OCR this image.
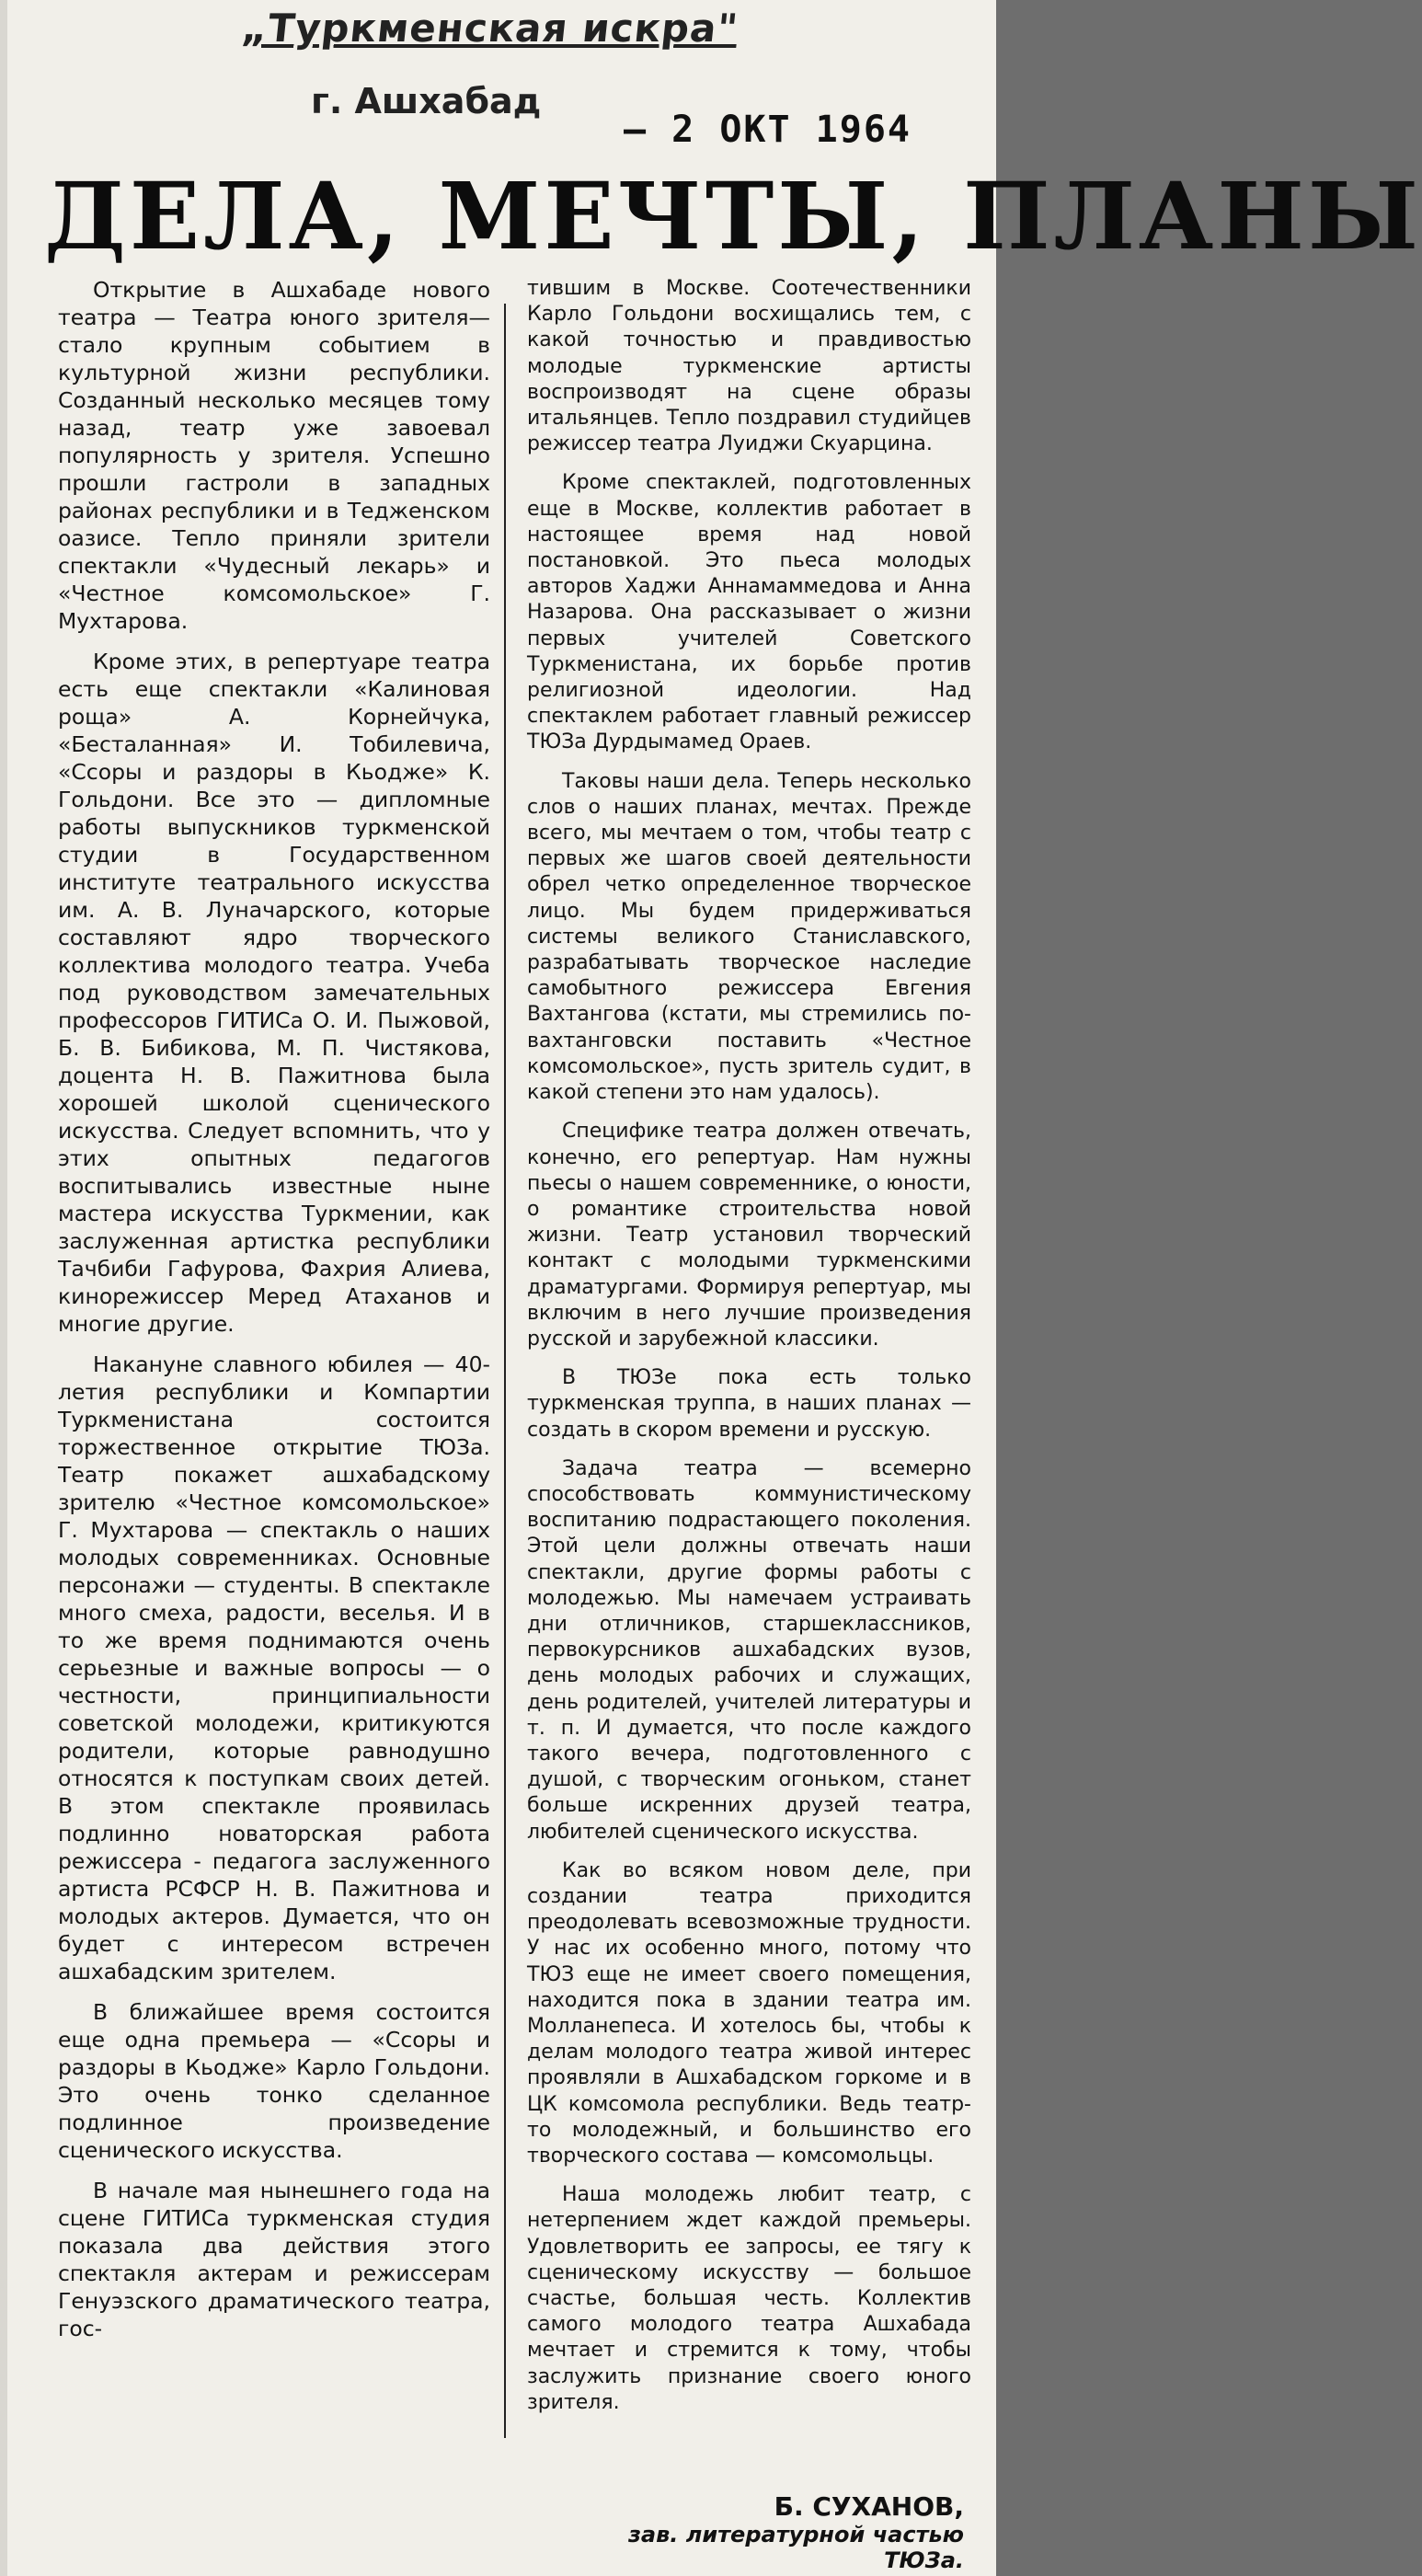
„Туркменская искра"
г. Ашхабад
— 2 ОКТ 1964
ДЕЛА, МЕЧТЫ, ПЛАНЫ

Открытие в Ашхабаде нового театра — Театра юного зрителя—стало крупным событием в культурной жизни республики. Созданный несколько месяцев тому назад, театр уже завоевал популярность у зрителя. Успешно прошли гастроли в западных районах республики и в Тедженском оазисе. Тепло приняли зрители спектакли «Чудесный лекарь» и «Честное комсомольское» Г. Мухтарова.

Кроме этих, в репертуаре театра есть еще спектакли «Калиновая роща» А. Корнейчука, «Бесталанная» И. Тобилевича, «Ссоры и раздоры в Кьодже» К. Гольдони. Все это — дипломные работы выпускников туркменской студии в Государственном институте театрального искусства им. А. В. Луначарского, которые составляют ядро творческого коллектива молодого театра. Учеба под руководством замечательных профессоров ГИТИСа О. И. Пыжовой, Б. В. Бибикова, М. П. Чистякова, доцента Н. В. Пажитнова была хорошей школой сценического искусства. Следует вспомнить, что у этих опытных педагогов воспитывались известные ныне мастера искусства Туркмении, как заслуженная артистка республики Тачбиби Гафурова, Фахрия Алиева, кинорежиссер Меред Атаханов и многие другие.

Накануне славного юбилея — 40-летия республики и Компартии Туркменистана состоится торжественное открытие ТЮЗа. Театр покажет ашхабадскому зрителю «Честное комсомольское» Г. Мухтарова — спектакль о наших молодых современниках. Основные персонажи — студенты. В спектакле много смеха, радости, веселья. И в то же время поднимаются очень серьезные и важные вопросы — о честности, принципиальности советской молодежи, критикуются родители, которые равнодушно относятся к поступкам своих детей. В этом спектакле проявилась подлинно новаторская работа режиссера - педагога заслуженного артиста РСФСР Н. В. Пажитнова и молодых актеров. Думается, что он будет с интересом встречен ашхабадским зрителем.

В ближайшее время состоится еще одна премьера — «Ссоры и раздоры в Кьодже» Карло Гольдони. Это очень тонко сделанное подлинное произведение сценического искусства.

В начале мая нынешнего года на сцене ГИТИСа туркменская студия показала два действия этого спектакля актерам и режиссерам Генуэзского драматического театра, гос-

тившим в Москве. Соотечественники Карло Гольдони восхищались тем, с какой точностью и правдивостью молодые туркменские артисты воспроизводят на сцене образы итальянцев. Тепло поздравил студийцев режиссер театра Луиджи Скуарцина.

Кроме спектаклей, подготовленных еще в Москве, коллектив работает в настоящее время над новой постановкой. Это пьеса молодых авторов Хаджи Аннамаммедова и Анна Назарова. Она рассказывает о жизни первых учителей Советского Туркменистана, их борьбе против религиозной идеологии. Над спектаклем работает главный режиссер ТЮЗа Дурдымамед Ораев.

Таковы наши дела. Теперь несколько слов о наших планах, мечтах. Прежде всего, мы мечтаем о том, чтобы театр с первых же шагов своей деятельности обрел четко определенное творческое лицо. Мы будем придерживаться системы великого Станиславского, разрабатывать творческое наследие самобытного режиссера Евгения Вахтангова (кстати, мы стремились по-вахтанговски поставить «Честное комсомольское», пусть зритель судит, в какой степени это нам удалось).

Специфике театра должен отвечать, конечно, его репертуар. Нам нужны пьесы о нашем современнике, о юности, о романтике строительства новой жизни. Театр установил творческий контакт с молодыми туркменскими драматургами. Формируя репертуар, мы включим в него лучшие произведения русской и зарубежной классики.

В ТЮЗе пока есть только туркменская труппа, в наших планах — создать в скором времени и русскую.

Задача театра — всемерно способствовать коммунистическому воспитанию подрастающего поколения. Этой цели должны отвечать наши спектакли, другие формы работы с молодежью. Мы намечаем устраивать дни отличников, старшеклассников, первокурсников ашхабадских вузов, день молодых рабочих и служащих, день родителей, учителей литературы и т. п. И думается, что после каждого такого вечера, подготовленного с душой, с творческим огоньком, станет больше искренних друзей театра, любителей сценического искусства.

Как во всяком новом деле, при создании театра приходится преодолевать всевозможные трудности. У нас их особенно много, потому что ТЮЗ еще не имеет своего помещения, находится пока в здании театра им. Молланепеса. И хотелось бы, чтобы к делам молодого театра живой интерес проявляли в Ашхабадском горкоме и в ЦК комсомола республики. Ведь театр-то молодежный, и большинство его творческого состава — комсомольцы.

Наша молодежь любит театр, с нетерпением ждет каждой премьеры. Удовлетворить ее запросы, ее тягу к сценическому искусству — большое счастье, большая честь. Коллектив самого молодого театра Ашхабада мечтает и стремится к тому, чтобы заслужить признание своего юного зрителя.

Б. СУХАНОВ,
зав. литературной частью ТЮЗа.
